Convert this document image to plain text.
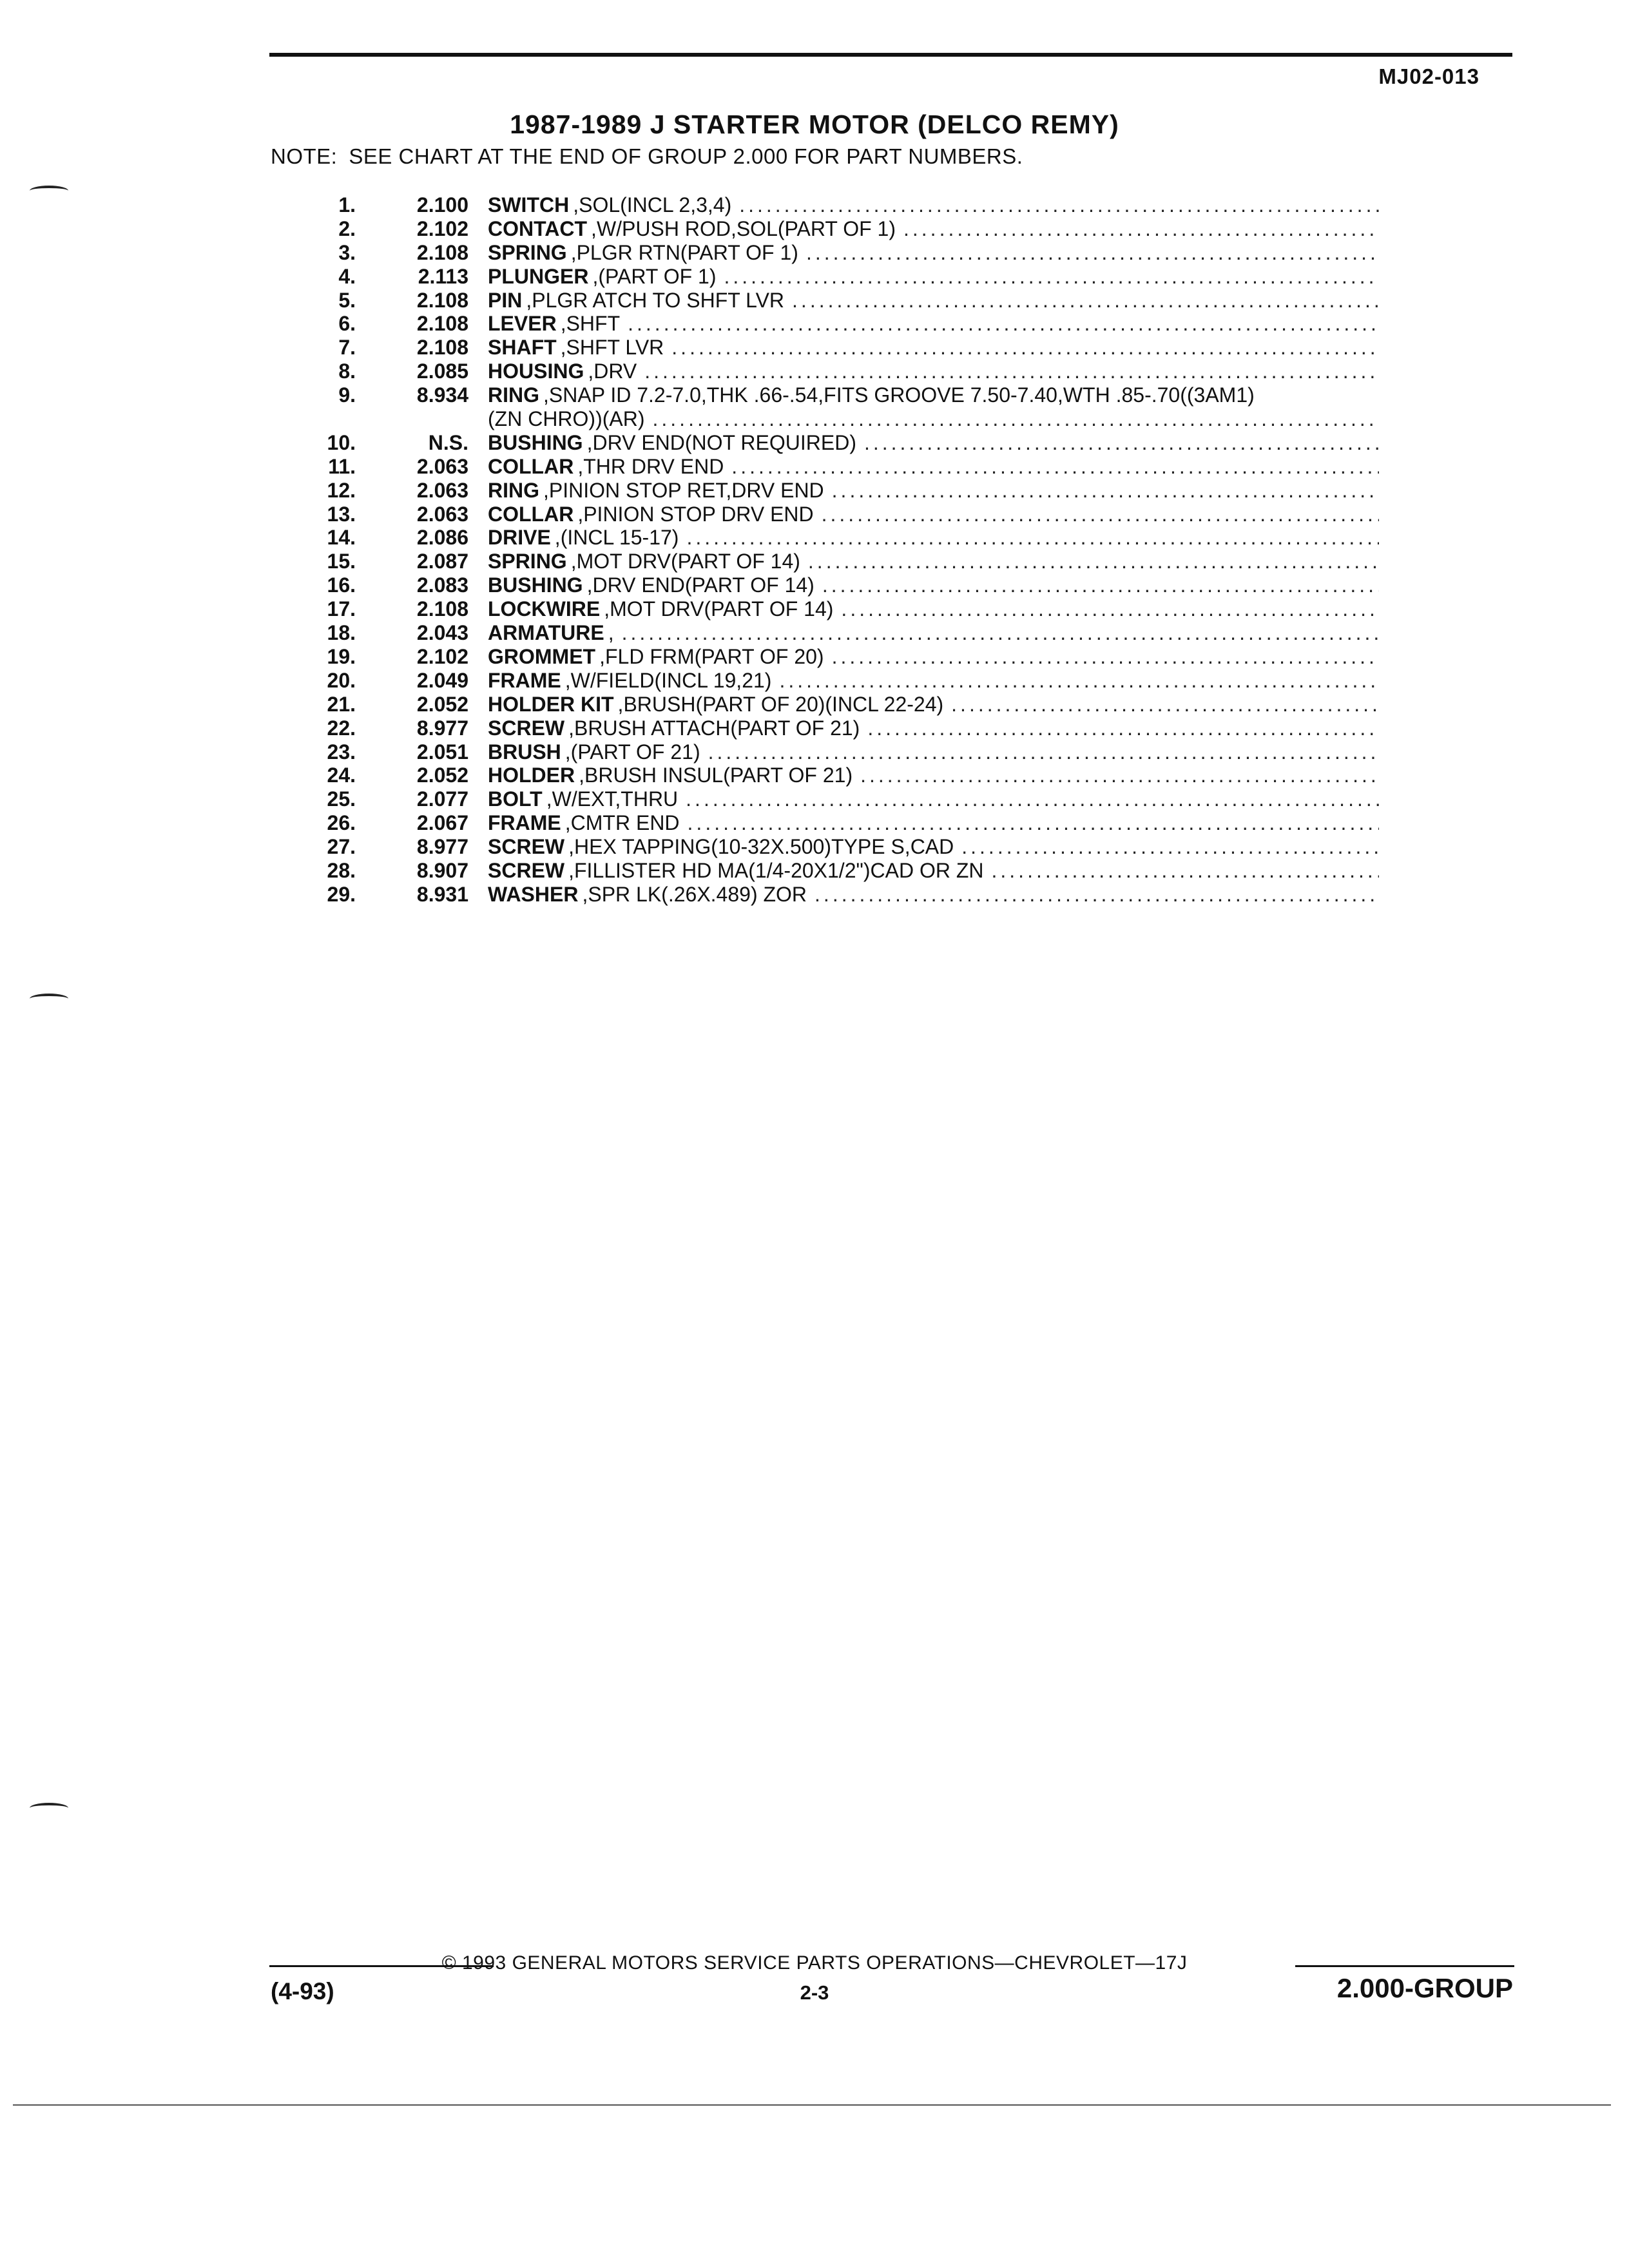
MJ02-013
1987-1989 J STARTER MOTOR (DELCO REMY)
NOTE: SEE CHART AT THE END OF GROUP 2.000 FOR PART NUMBERS.
1.	2.100 SWITCH ,SOL(INCL 2,3,4)
.....
2.	2.102 CONTACT ,W/PUSH ROD,SOL(PART OF 1)
.....
3.	2.108 SPRING ,PLGR RTN(PART OF 1)
.....
4.	2.113 PLUNGER ,(PART OF 1)
.....
5.	2.108 PIN ,PLGR ATCH TO SHFT LVR
.....
6.	2.108 LEVER ,SHFT
.....
7.	2.108 SHAFT ,SHFT LVR
.....
8.	2.085 HOUSING ,DRV
.....
9.	8.934 RING ,SNAP ID 7.2-7.0,THK .66-.54,FITS GROOVE 7.50-7.40,WTH .85-.70((3AM1)
(ZN CHRO))(AR)
.....
10.	N.S. BUSHING ,DRV END(NOT REQUIRED)
.....
11.	2.063 COLLAR ,THR DRV END
.....
12.	2.063 RING ,PINION STOP RET,DRV END
.....
13.	2.063 COLLAR ,PINION STOP DRV END
.....
14.	2.086 DRIVE ,(INCL 15-17)
.....
15.	2.087 SPRING ,MOT DRV(PART OF 14)
.....
16.	2.083 BUSHING ,DRV END(PART OF 14)
.....
17.	2.108 LOCKWIRE ,MOT DRV(PART OF 14)
.....
18.	2.043 ARMATURE ,
.....
19.	2.102 GROMMET ,FLD FRM(PART OF 20)
.....
20.	2.049 FRAME ,W/FIELD(INCL 19,21)
.....
21.	2.052 HOLDER KIT ,BRUSH(PART OF 20)(INCL 22-24)
.....
22.	8.977 SCREW ,BRUSH ATTACH(PART OF 21)
.....
23.	2.051 BRUSH ,(PART OF 21)
.....
24.	2.052 HOLDER ,BRUSH INSUL(PART OF 21)
.....
25.	2.077 BOLT ,W/EXT,THRU
.....
26.	2.067 FRAME ,CMTR END
.....
27.	8.977 SCREW ,HEX TAPPING(10-32X.500)TYPE S,CAD
.....
28.	8.907 SCREW ,FILLISTER HD MA(1/4-20X1/2")CAD OR ZN
.....
29.	8.931 WASHER ,SPR LK(.26X.489) ZOR
.....
© 1993 GENERAL MOTORS SERVICE PARTS OPERATIONS—CHEVROLET—17J
2-3
(4-93)	2.000-GROUP
